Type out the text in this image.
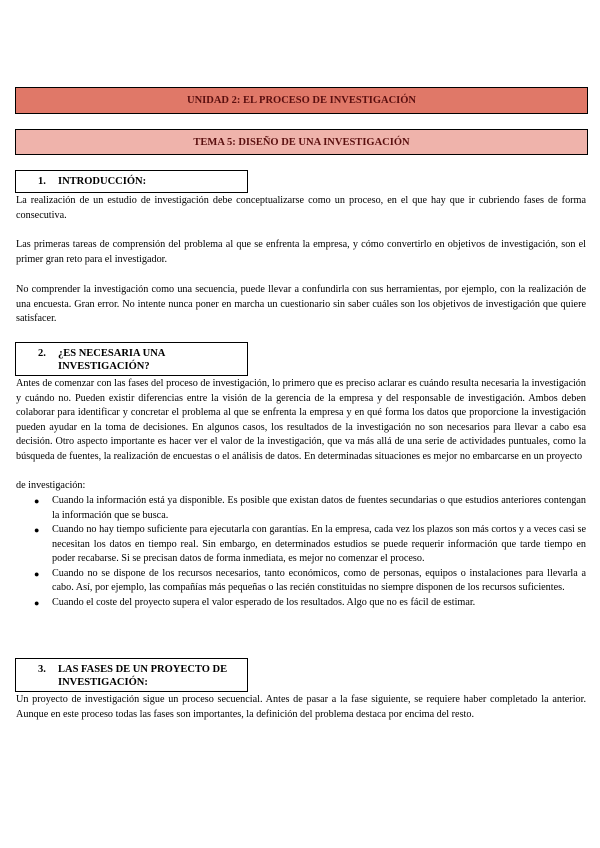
UNIDAD 2: EL PROCESO DE INVESTIGACIÓN
TEMA 5: DISEÑO DE UNA INVESTIGACIÓN
1. INTRODUCCIÓN:

La realización de un estudio de investigación debe conceptualizarse como un proceso, en el que hay que ir cubriendo fases de forma consecutiva.

Las primeras tareas de comprensión del problema al que se enfrenta la empresa, y cómo convertirlo en objetivos de investigación, son el primer gran reto para el investigador.

No comprender la investigación como una secuencia, puede llevar a confundirla con sus herramientas, por ejemplo, con la realización de una encuesta. Gran error. No intente nunca poner en marcha un cuestionario sin saber cuáles son los objetivos de investigación que quiere satisfacer.

2. ¿ES NECESARIA UNA
INVESTIGACIÓN?

Antes de comenzar con las fases del proceso de investigación, lo primero que es preciso aclarar es cuándo resulta necesaria la investigación y cuándo no. Pueden existir diferencias entre la visión de la gerencia de la empresa y del responsable de investigación. Ambos deben colaborar para identificar y concretar el problema al que se enfrenta la empresa y en qué forma los datos que proporcione la investigación pueden ayudar en la toma de decisiones. En algunos casos, los resultados de la investigación no son necesarios para llevar a cabo esa decisión. Otro aspecto importante es hacer ver el valor de la investigación, que va más allá de una serie de actividades puntuales, como la búsqueda de fuentes, la realización de encuestas o el análisis de datos. En determinadas situaciones es mejor no embarcarse en un proyecto

de investigación:

● Cuando la información está ya disponible. Es posible que existan datos de fuentes secundarias o que estudios anteriores contengan la información que se busca.
● Cuando no hay tiempo suficiente para ejecutarla con garantías. En la empresa, cada vez los plazos son más cortos y a veces casi se necesitan los datos en tiempo real. Sin embargo, en determinados estudios se puede requerir información que tarde tiempo en poder recabarse. Si se precisan datos de forma inmediata, es mejor no comenzar el proceso.
● Cuando no se dispone de los recursos necesarios, tanto económicos, como de personas, equipos o instalaciones para llevarla a cabo. Así, por ejemplo, las compañías más pequeñas o las recién constituidas no siempre disponen de los recursos suficientes.
● Cuando el coste del proyecto supera el valor esperado de los resultados. Algo que no es fácil de estimar.
3. LAS FASES DE UN PROYECTO DE
INVESTIGACIÓN:

Un proyecto de investigación sigue un proceso secuencial. Antes de pasar a la fase siguiente, se requiere haber completado la anterior. Aunque en este proceso todas las fases son importantes, la definición del problema destaca por encima del resto.
